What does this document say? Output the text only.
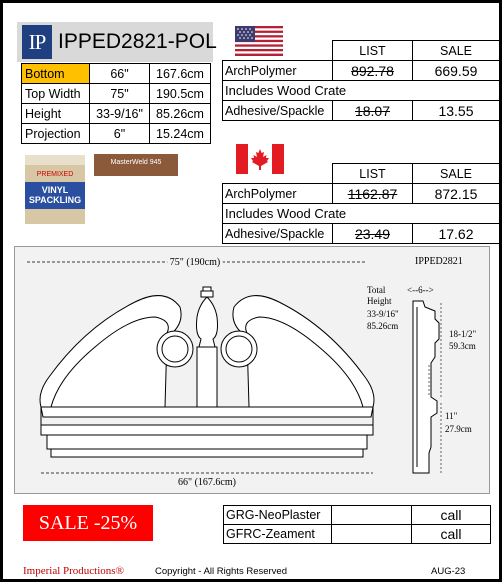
IP IPPED2821-POL
Bottom	66"	167.6cm
Top Width	75"	190.5cm
Height	33-9/16"	85.26cm
Projection	6"	15.24cm
PREMIXED
VINYL SPACKLING
MasterWeld 945
	LIST	SALE
ArchPolymer	892.78	669.59
Includes Wood Crate		
Adhesive/Spackle	18.07	13.55
	LIST	SALE
ArchPolymer	1162.87	872.15
Includes Wood Crate		
Adhesive/Spackle	23.49	17.62
75" (190cm)	IPPED2821
66" (167.6cm)
Total
Height
33-9/16"
85.26cm
<--6-->
18-1/2"
59.3cm
11"
27.9cm
SALE -25%	GRG-NeoPlaster		call
GFRC-Zeament		call
Imperial Productions®	Copyright - All Rights Reserved	AUG-23
